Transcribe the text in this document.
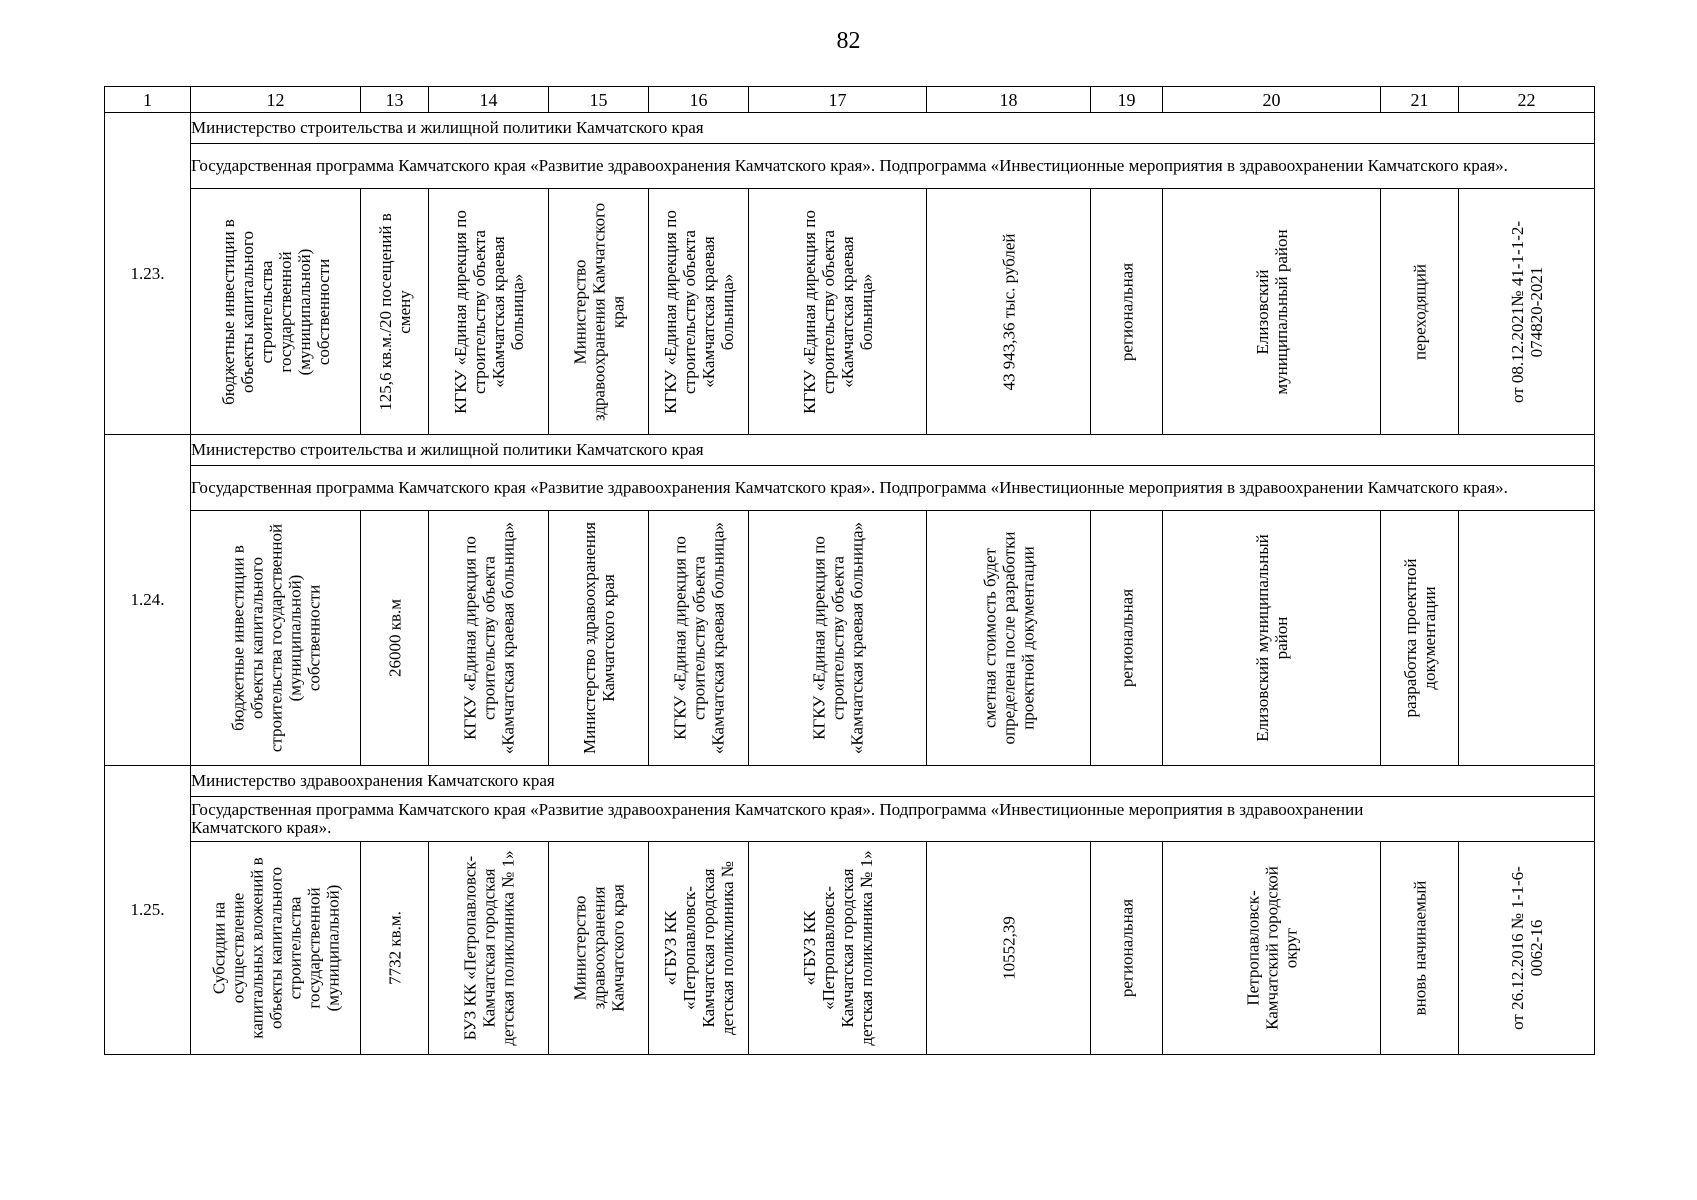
82
1	12	13	14	15	16	17	18	19	20	21	22
1.23.	Министерство строительства и жилищной политики Камчатского края										
	Государственная программа Камчатского края «Развитие здравоохранения Камчатского края». Подпрограмма «Инвестиционные мероприятия в здравоохранении Камчатского края».										

	бюджетные инвестиции в объекты капитального строительства государственной (муниципальной) собственности	125,6 кв.м./20 посещений в смену	КГКУ «Единая дирекция по строительству объекта «Камчатская краевая больница»	Министерство здравоохранения Камчатского края	КГКУ «Единая дирекция по строительству объекта «Камчатская краевая больница»	КГКУ «Единая дирекция по строительству объекта «Камчатская краевая больница»	43 943,36 тыс. рублей	региональная	Елизовский муниципальный район	переходящий	от 08.12.2021№ 41-1-1-2-074820-2021

1.24.	Министерство строительства и жилищной политики Камчатского края										
	Государственная программа Камчатского края «Развитие здравоохранения Камчатского края». Подпрограмма «Инвестиционные мероприятия в здравоохранении Камчатского края».										

	бюджетные инвестиции в объекты капитального строительства государственной (муниципальной) собственности	26000 кв.м	КГКУ «Единая дирекция по строительству объекта «Камчатская краевая больница»	Министерство здравоохранения Камчатского края	КГКУ «Единая дирекция по строительству объекта «Камчатская краевая больница»	КГКУ «Единая дирекция по строительству объекта «Камчатская краевая больница»	сметная стоимость будет определена после разработки проектной документации	региональная	Елизовский муниципальный район	разработка проектной документации	

1.25.	Министерство здравоохранения Камчатского края										
	Государственная программа Камчатского края «Развитие здравоохранения Камчатского края». Подпрограмма «Инвестиционные мероприятия в здравоохранении Камчатского края».										

	Субсидии на осуществление капитальных вложений в объекты капитального строительства государственной (муниципальной)	7732 кв.м.	БУЗ КК «Петропавловск-Камчатская городская детская поликлиника № 1»	Министерство здравоохранения Камчатского края	«ГБУЗ КК «Петропавловск-Камчатская городская детская поликлиника №	«ГБУЗ КК «Петропавловск-Камчатская городская детская поликлиника № 1»	10552,39	региональная	Петропавловск-Камчатский городской округ	вновь начинаемый	от 26.12.2016 № 1-1-6-0062-16
